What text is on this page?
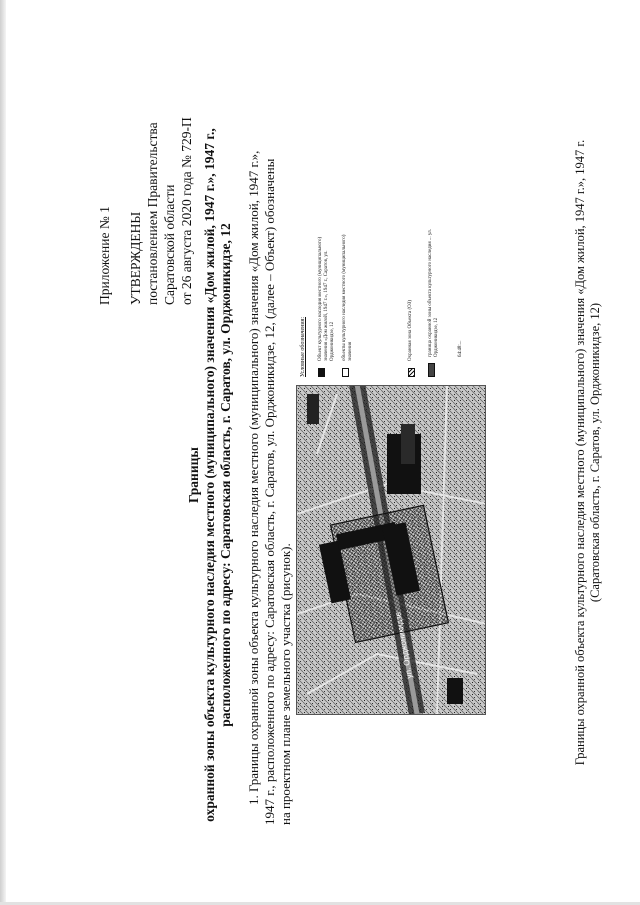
Приложение № 1 УТВЕРЖДЕНЫ постановлением Правительства Саратовской области от 26 августа 2020 года № 729-П
Границы охранной зоны объекта культурного наследия местного (муниципального) значения «Дом жилой, 1947 г.», 1947 г., расположенного по адресу: Саратовская область, г. Саратов, ул. Орджоникидзе, 12 1. Границы охранной зоны объекта культурного наследия местного (муниципального) значения «Дом жилой, 1947 г.», 1947 г., расположенного по адресу: Саратовская область, г. Саратов, ул. Орджоникидзе, 12, (далее – Объект) обозначены на проектном плане земельного участка (рисунок).	ул. Орджоникидзе
Условные обозначения: Объект культурного наследия местного (муниципального) значения «Дом жилой, 1947 г.», 1947 г., Саратов, ул. Орджоникидзе, 12 объекты культурного наследия местного (муниципального) значения	Охранная зона Объекта (ОЗ)	граница охранной зоны объекта культурного наследия ... ул. Орджоникидзе, 12	64:48:...	Границы охранной объекта культурного наследия местного (муниципального) значения «Дом жилой, 1947 г.», 1947 г. (Саратовская область, г. Саратов, ул. Орджоникидзе, 12)
